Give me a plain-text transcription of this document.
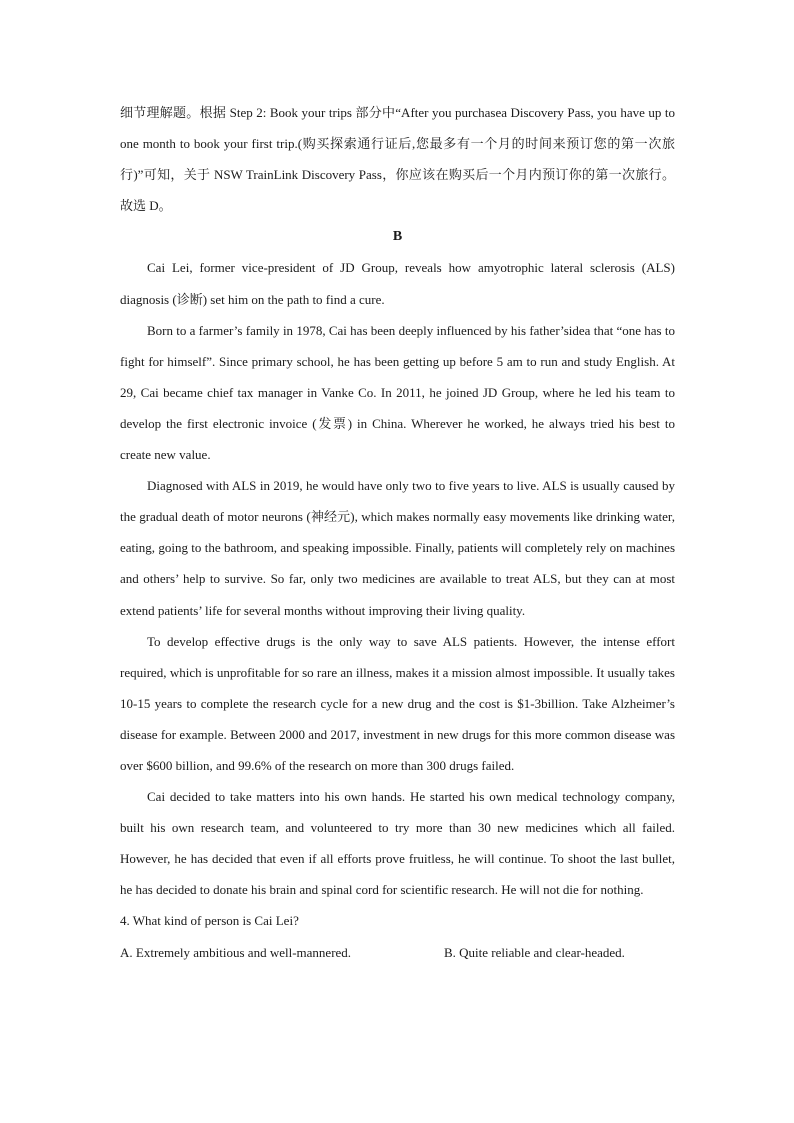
细节理解题。根据 Step 2: Book your trips 部分中“After you purchasea Discovery Pass, you have up to one month to book your first trip.(购买探索通行证后,您最多有一个月的时间来预订您的第一次旅行)”可知，关于 NSW TrainLink Discovery Pass，你应该在购买后一个月内预订你的第一次旅行。故选 D。

B

Cai Lei, former vice-president of JD Group, reveals how amyotrophic lateral sclerosis (ALS) diagnosis (诊断) set him on the path to find a cure.

Born to a farmer’s family in 1978, Cai has been deeply influenced by his father’sidea that “one has to fight for himself”. Since primary school, he has been getting up before 5 am to run and study English. At 29, Cai became chief tax manager in Vanke Co. In 2011, he joined JD Group, where he led his team to develop the first electronic invoice (发票) in China. Wherever he worked, he always tried his best to create new value.

Diagnosed with ALS in 2019, he would have only two to five years to live. ALS is usually caused by the gradual death of motor neurons (神经元), which makes normally easy movements like drinking water, eating, going to the bathroom, and speaking impossible. Finally, patients will completely rely on machines and others’ help to survive. So far, only two medicines are available to treat ALS, but they can at most extend patients’ life for several months without improving their living quality.

To develop effective drugs is the only way to save ALS patients. However, the intense effort required, which is unprofitable for so rare an illness, makes it a mission almost impossible. It usually takes 10-15 years to complete the research cycle for a new drug and the cost is $1-3billion. Take Alzheimer’s disease for example. Between 2000 and 2017, investment in new drugs for this more common disease was over $600 billion, and 99.6% of the research on more than 300 drugs failed.

Cai decided to take matters into his own hands. He started his own medical technology company, built his own research team, and volunteered to try more than 30 new medicines which all failed. However, he has decided that even if all efforts prove fruitless, he will continue. To shoot the last bullet, he has decided to donate his brain and spinal cord for scientific research. He will not die for nothing.

4. What kind of person is Cai Lei?

A. Extremely ambitious and well-mannered.	B. Quite reliable and clear-headed.
